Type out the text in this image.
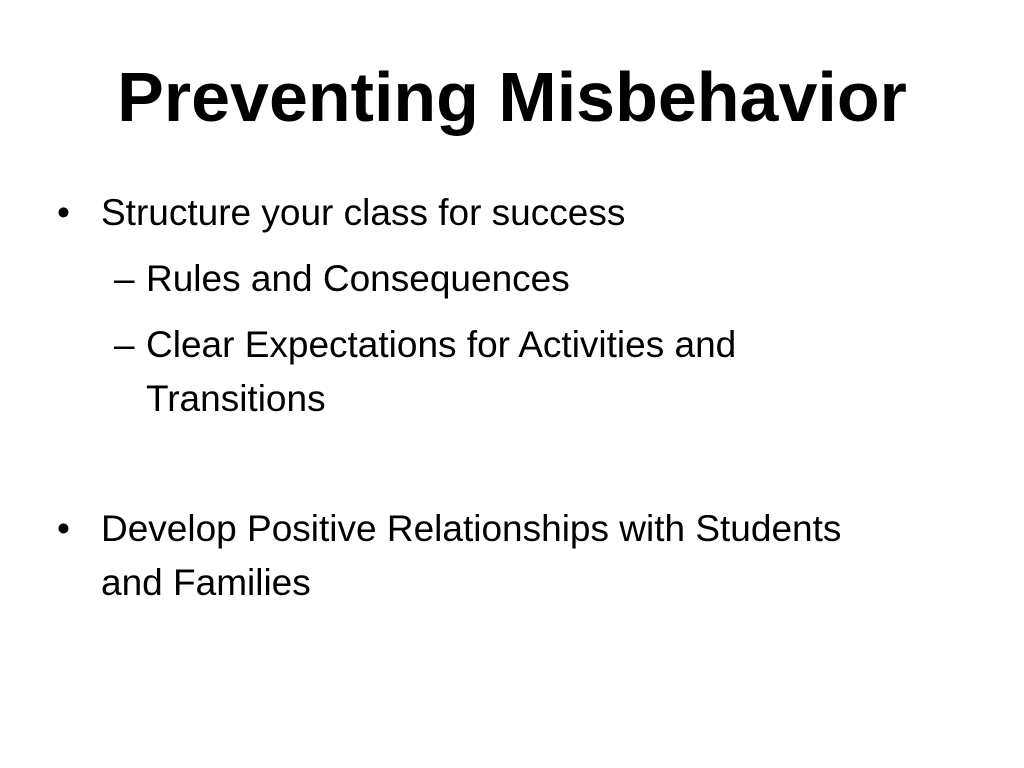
Preventing Misbehavior
• Structure your class for success
– Rules and Consequences
– Clear Expectations for Activities and Transitions
• Develop Positive Relationships with Students and Families
